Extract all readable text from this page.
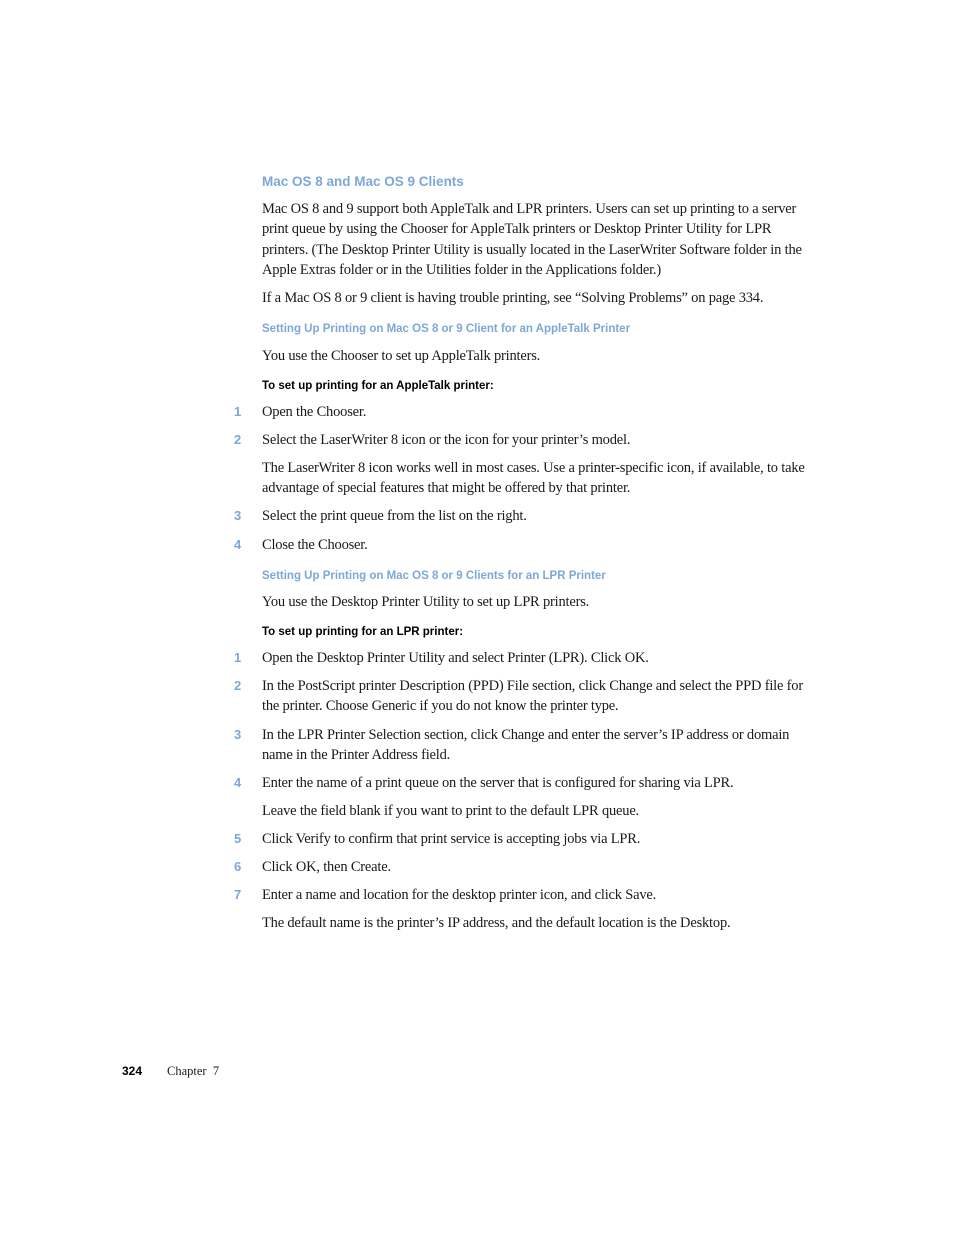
Mac OS 8 and Mac OS 9 Clients
Mac OS 8 and 9 support both AppleTalk and LPR printers. Users can set up printing to a server print queue by using the Chooser for AppleTalk printers or Desktop Printer Utility for LPR printers. (The Desktop Printer Utility is usually located in the LaserWriter Software folder in the Apple Extras folder or in the Utilities folder in the Applications folder.)
If a Mac OS 8 or 9 client is having trouble printing, see “Solving Problems” on page 334.
Setting Up Printing on Mac OS 8 or 9 Client for an AppleTalk Printer
You use the Chooser to set up AppleTalk printers.
To set up printing for an AppleTalk printer:
1	Open the Chooser.
2	Select the LaserWriter 8 icon or the icon for your printer’s model.
The LaserWriter 8 icon works well in most cases. Use a printer-specific icon, if available, to take advantage of special features that might be offered by that printer.
3	Select the print queue from the list on the right.
4	Close the Chooser.
Setting Up Printing on Mac OS 8 or 9 Clients for an LPR Printer
You use the Desktop Printer Utility to set up LPR printers.
To set up printing for an LPR printer:
1	Open the Desktop Printer Utility and select Printer (LPR). Click OK.
2	In the PostScript printer Description (PPD) File section, click Change and select the PPD file for the printer. Choose Generic if you do not know the printer type.
3	In the LPR Printer Selection section, click Change and enter the server’s IP address or domain name in the Printer Address field.
4	Enter the name of a print queue on the server that is configured for sharing via LPR.
Leave the field blank if you want to print to the default LPR queue.
5	Click Verify to confirm that print service is accepting jobs via LPR.
6	Click OK, then Create.
7	Enter a name and location for the desktop printer icon, and click Save.
The default name is the printer’s IP address, and the default location is the Desktop.
324 Chapter  7
